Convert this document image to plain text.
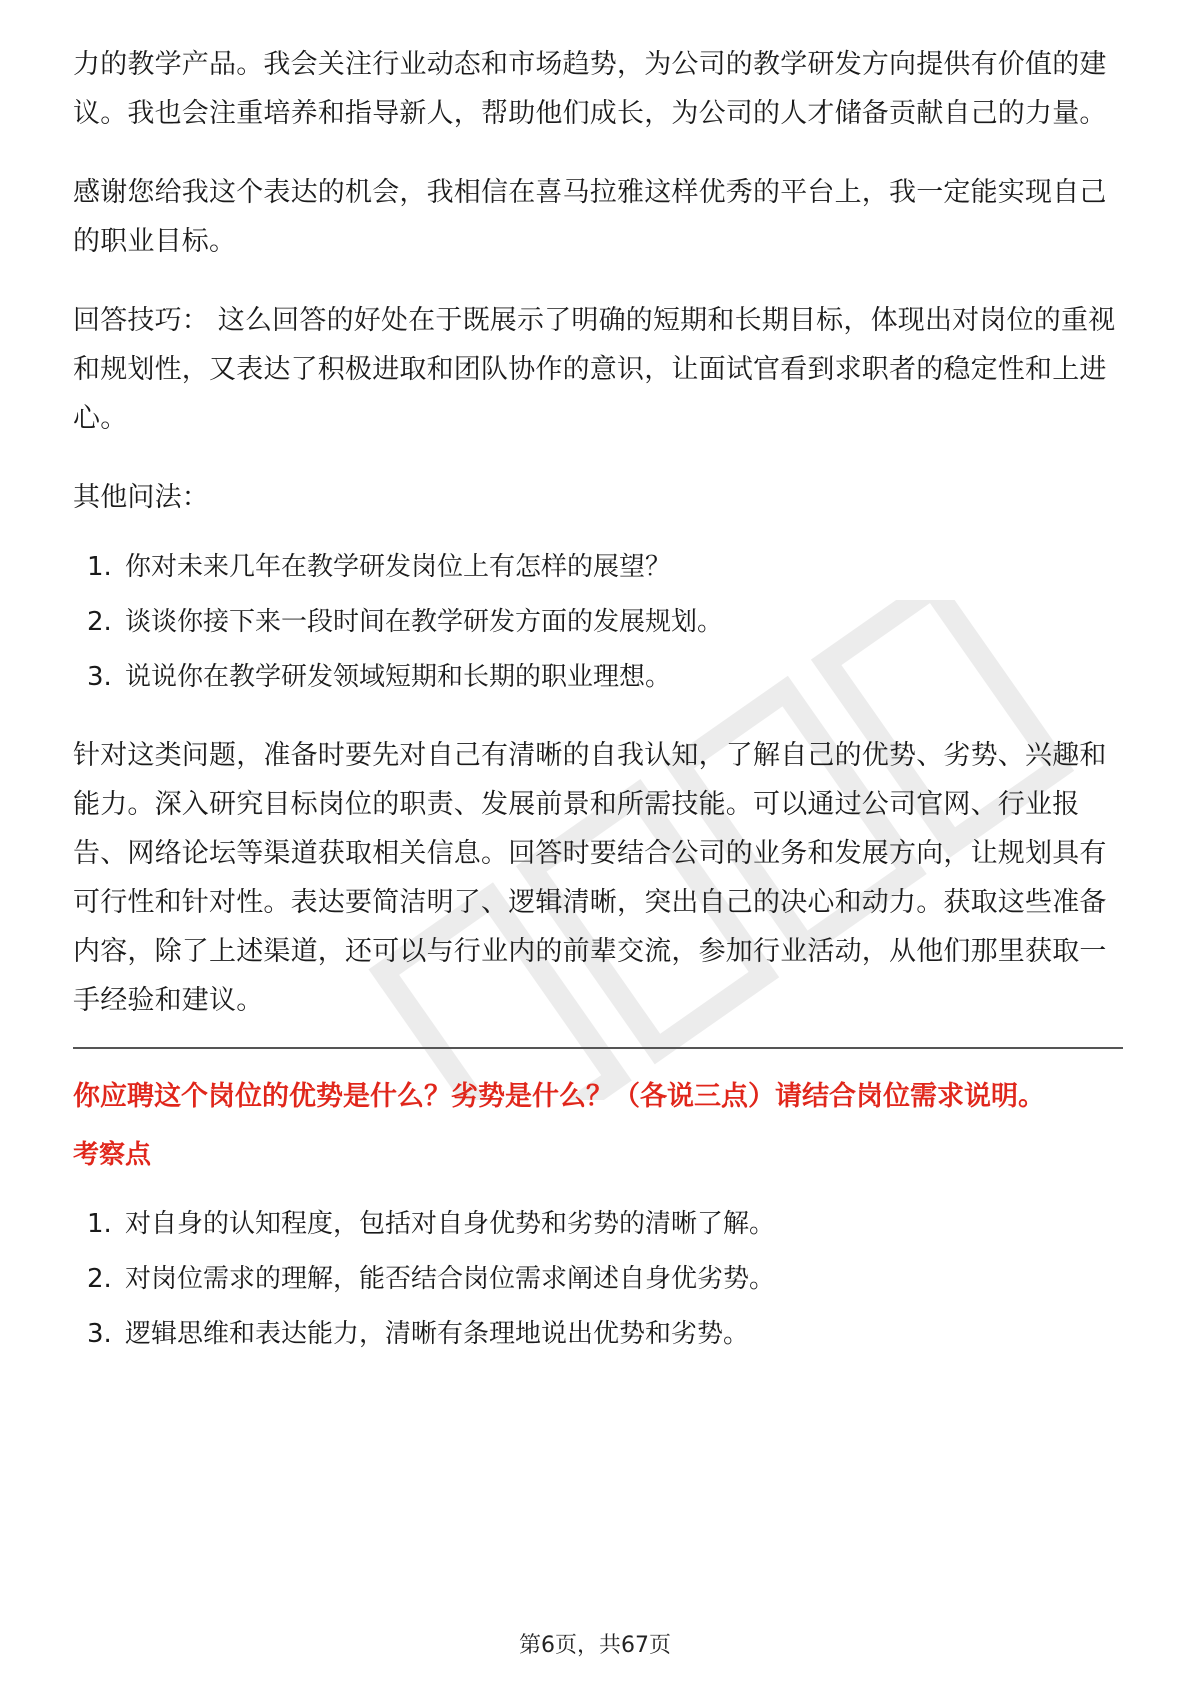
力的教学产品。我会关注行业动态和市场趋势，为公司的教学研发方向提供有价值的建议。我也会注重培养和指导新人，帮助他们成长，为公司的人才储备贡献自己的力量。

感谢您给我这个表达的机会，我相信在喜马拉雅这样优秀的平台上，我一定能实现自己的职业目标。

回答技巧： 这么回答的好处在于既展示了明确的短期和长期目标，体现出对岗位的重视和规划性，又表达了积极进取和团队协作的意识，让面试官看到求职者的稳定性和上进心。

其他问法：

1. 你对未来几年在教学研发岗位上有怎样的展望？
2. 谈谈你接下来一段时间在教学研发方面的发展规划。
3. 说说你在教学研发领域短期和长期的职业理想。

针对这类问题，准备时要先对自己有清晰的自我认知，了解自己的优势、劣势、兴趣和能力。深入研究目标岗位的职责、发展前景和所需技能。可以通过公司官网、行业报告、网络论坛等渠道获取相关信息。回答时要结合公司的业务和发展方向，让规划具有可行性和针对性。表达要简洁明了、逻辑清晰，突出自己的决心和动力。获取这些准备内容，除了上述渠道，还可以与行业内的前辈交流，参加行业活动，从他们那里获取一手经验和建议。

你应聘这个岗位的优势是什么？劣势是什么？（各说三点）请结合岗位需求说明。

考察点

1. 对自身的认知程度，包括对自身优势和劣势的清晰了解。
2. 对岗位需求的理解，能否结合岗位需求阐述自身优劣势。
3. 逻辑思维和表达能力，清晰有条理地说出优势和劣势。
第6页，共67页
